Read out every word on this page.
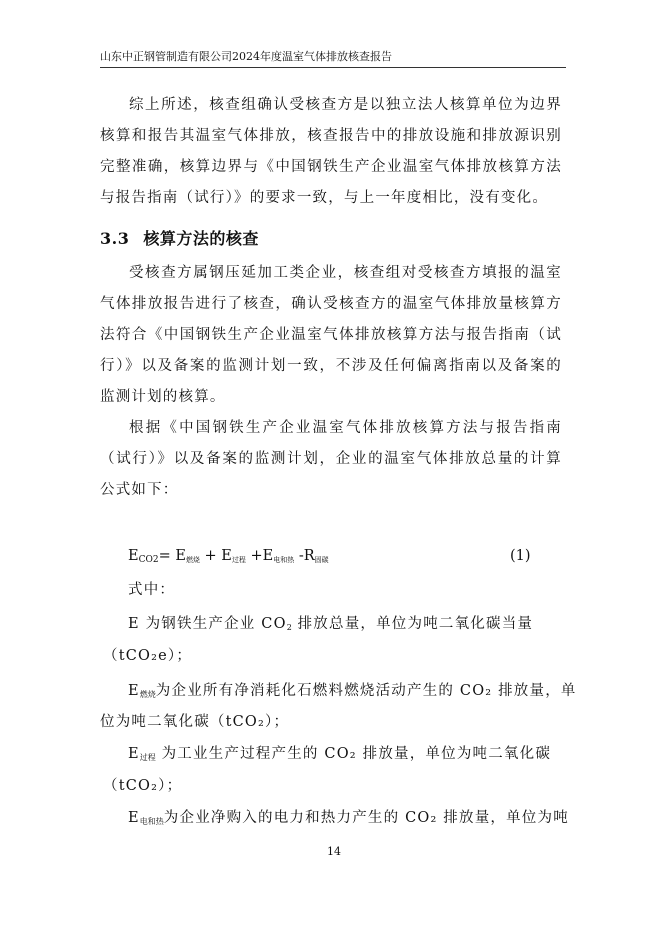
山东中正钢管制造有限公司2024年度温室气体排放核查报告
综上所述，核查组确认受核查方是以独立法人核算单位为边界核算和报告其温室气体排放，核查报告中的排放设施和排放源识别完整准确，核算边界与《中国钢铁生产企业温室气体排放核算方法与报告指南（试行）》的要求一致，与上一年度相比，没有变化。
3.3 核算方法的核查
受核查方属钢压延加工类企业，核查组对受核查方填报的温室气体排放报告进行了核查，确认受核查方的温室气体排放量核算方法符合《中国钢铁生产企业温室气体排放核算方法与报告指南（试行）》以及备案的监测计划一致，不涉及任何偏离指南以及备案的监测计划的核算。
根据《中国钢铁生产企业温室气体排放核算方法与报告指南（试行）》以及备案的监测计划，企业的温室气体排放总量的计算公式如下：
$E_{CO2}= E_{燃烧} + E_{过程} +E_{电和热}$ $-R_{固碳}$	(1)
式中：
E 为钢铁生产企业 $CO_2$ 排放总量，单位为吨二氧化碳当量
（tCO₂e）；
$E_{燃烧}$为企业所有净消耗化石燃料燃烧活动产生的 CO₂ 排放量，单
位为吨二氧化碳（tCO₂）；
$E_{过程}$ 为工业生产过程产生的 CO₂ 排放量，单位为吨二氧化碳
（tCO₂）；
$E_{电和热}$为企业净购入的电力和热力产生的 CO₂ 排放量，单位为吨
14
